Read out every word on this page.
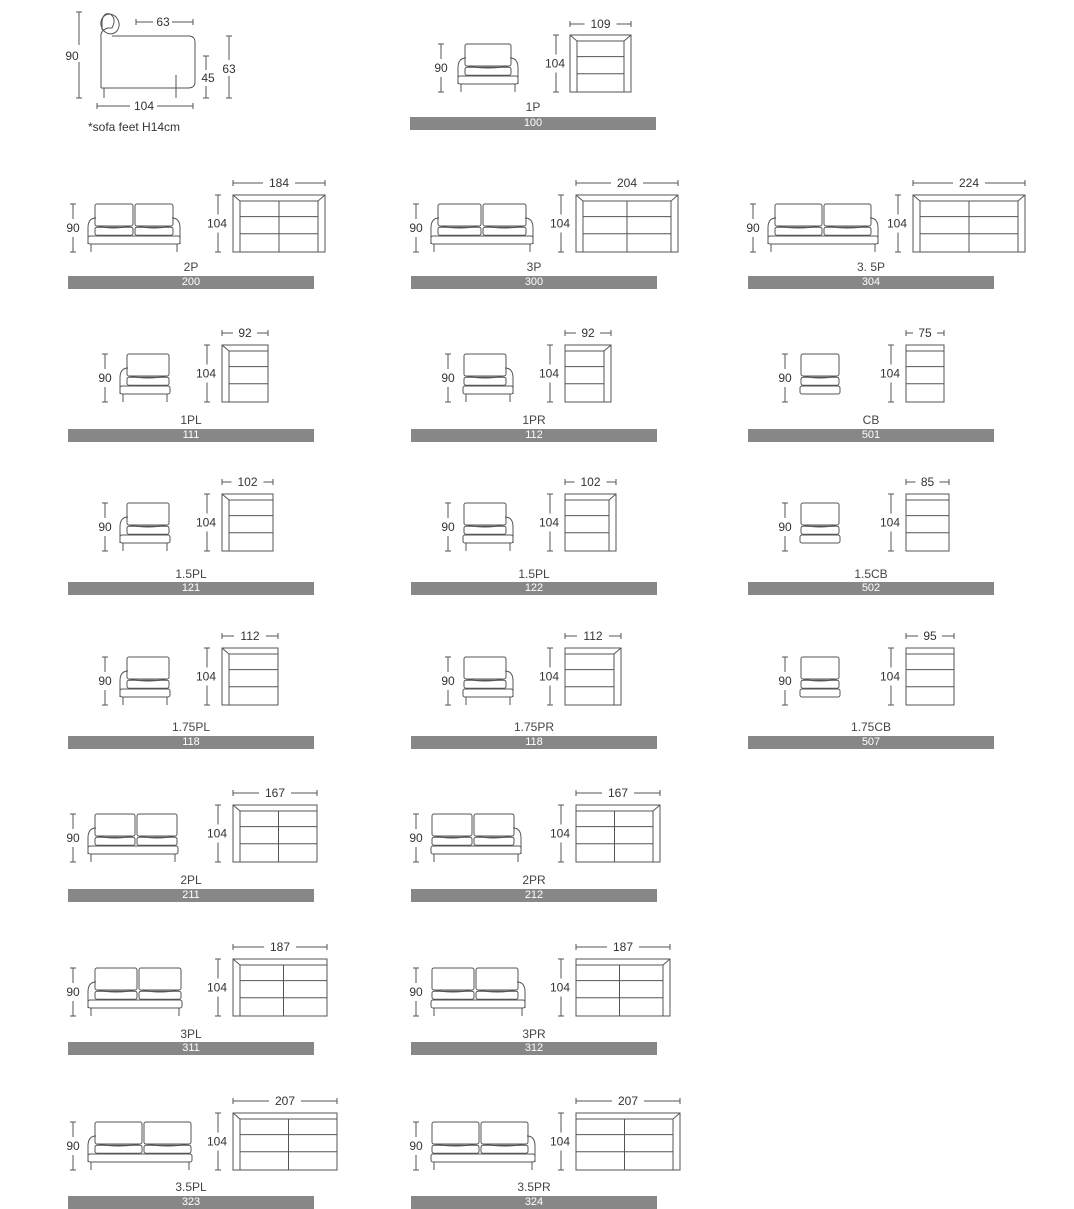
90
63
45
63
104
90	104
109
90	104
184
90	104
204
90	104
224
90	104
92
90	104
92
90	104
75
90	104
102
90	104
102
90	104
85
90	104
112
90	104
112
90	104
95
90	104
167
90	104
167
90	104
187
90	104
187
90	104
207
90	104
207
*sofa feet H14cm
1P
100
2P
200
3P
300
3. 5P
304
1PL
111
1PR
112
CB
501
1.5PL
121
1.5PL
122
1.5CB
502
1.75PL
118
1.75PR
118
1.75CB
507
2PL
211
2PR
212
3PL
311
3PR
312
3.5PL
323
3.5PR
324
